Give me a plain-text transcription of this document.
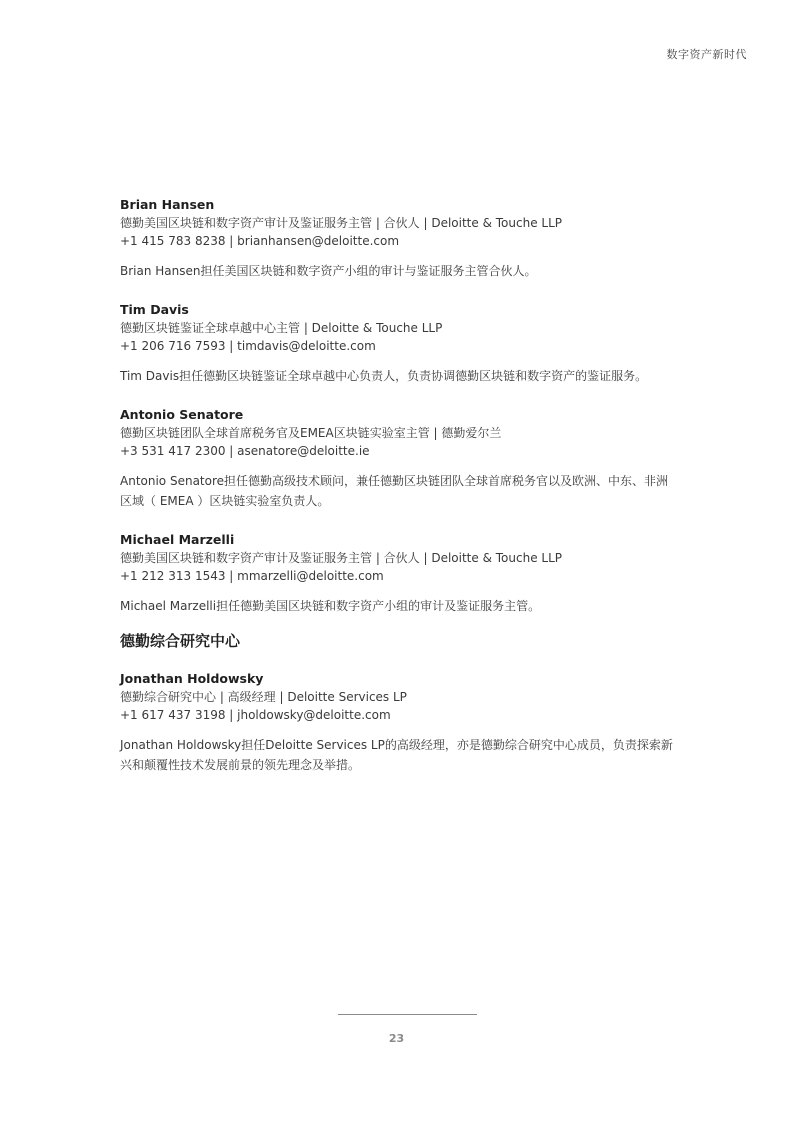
数字资产新时代
Brian Hansen
德勤美国区块链和数字资产审计及鉴证服务主管 | 合伙人 | Deloitte & Touche LLP
+1 415 783 8238 | brianhansen@deloitte.com
Brian Hansen担任美国区块链和数字资产小组的审计与鉴证服务主管合伙人。
Tim Davis
德勤区块链鉴证全球卓越中心主管 | Deloitte & Touche LLP
+1 206 716 7593 | timdavis@deloitte.com
Tim Davis担任德勤区块链鉴证全球卓越中心负责人，负责协调德勤区块链和数字资产的鉴证服务。
Antonio Senatore
德勤区块链团队全球首席税务官及EMEA区块链实验室主管 | 德勤爱尔兰
+3 531 417 2300 | asenatore@deloitte.ie
Antonio Senatore担任德勤高级技术顾问，兼任德勤区块链团队全球首席税务官以及欧洲、中东、非洲区域（ EMEA ）区块链实验室负责人。
Michael Marzelli
德勤美国区块链和数字资产审计及鉴证服务主管 | 合伙人 | Deloitte & Touche LLP
+1 212 313 1543 | mmarzelli@deloitte.com
Michael Marzelli担任德勤美国区块链和数字资产小组的审计及鉴证服务主管。
德勤综合研究中心
Jonathan Holdowsky
德勤综合研究中心 | 高级经理 | Deloitte Services LP
+1 617 437 3198 | jholdowsky@deloitte.com
Jonathan Holdowsky担任Deloitte Services LP的高级经理，亦是德勤综合研究中心成员，负责探索新兴和颠覆性技术发展前景的领先理念及举措。
23
